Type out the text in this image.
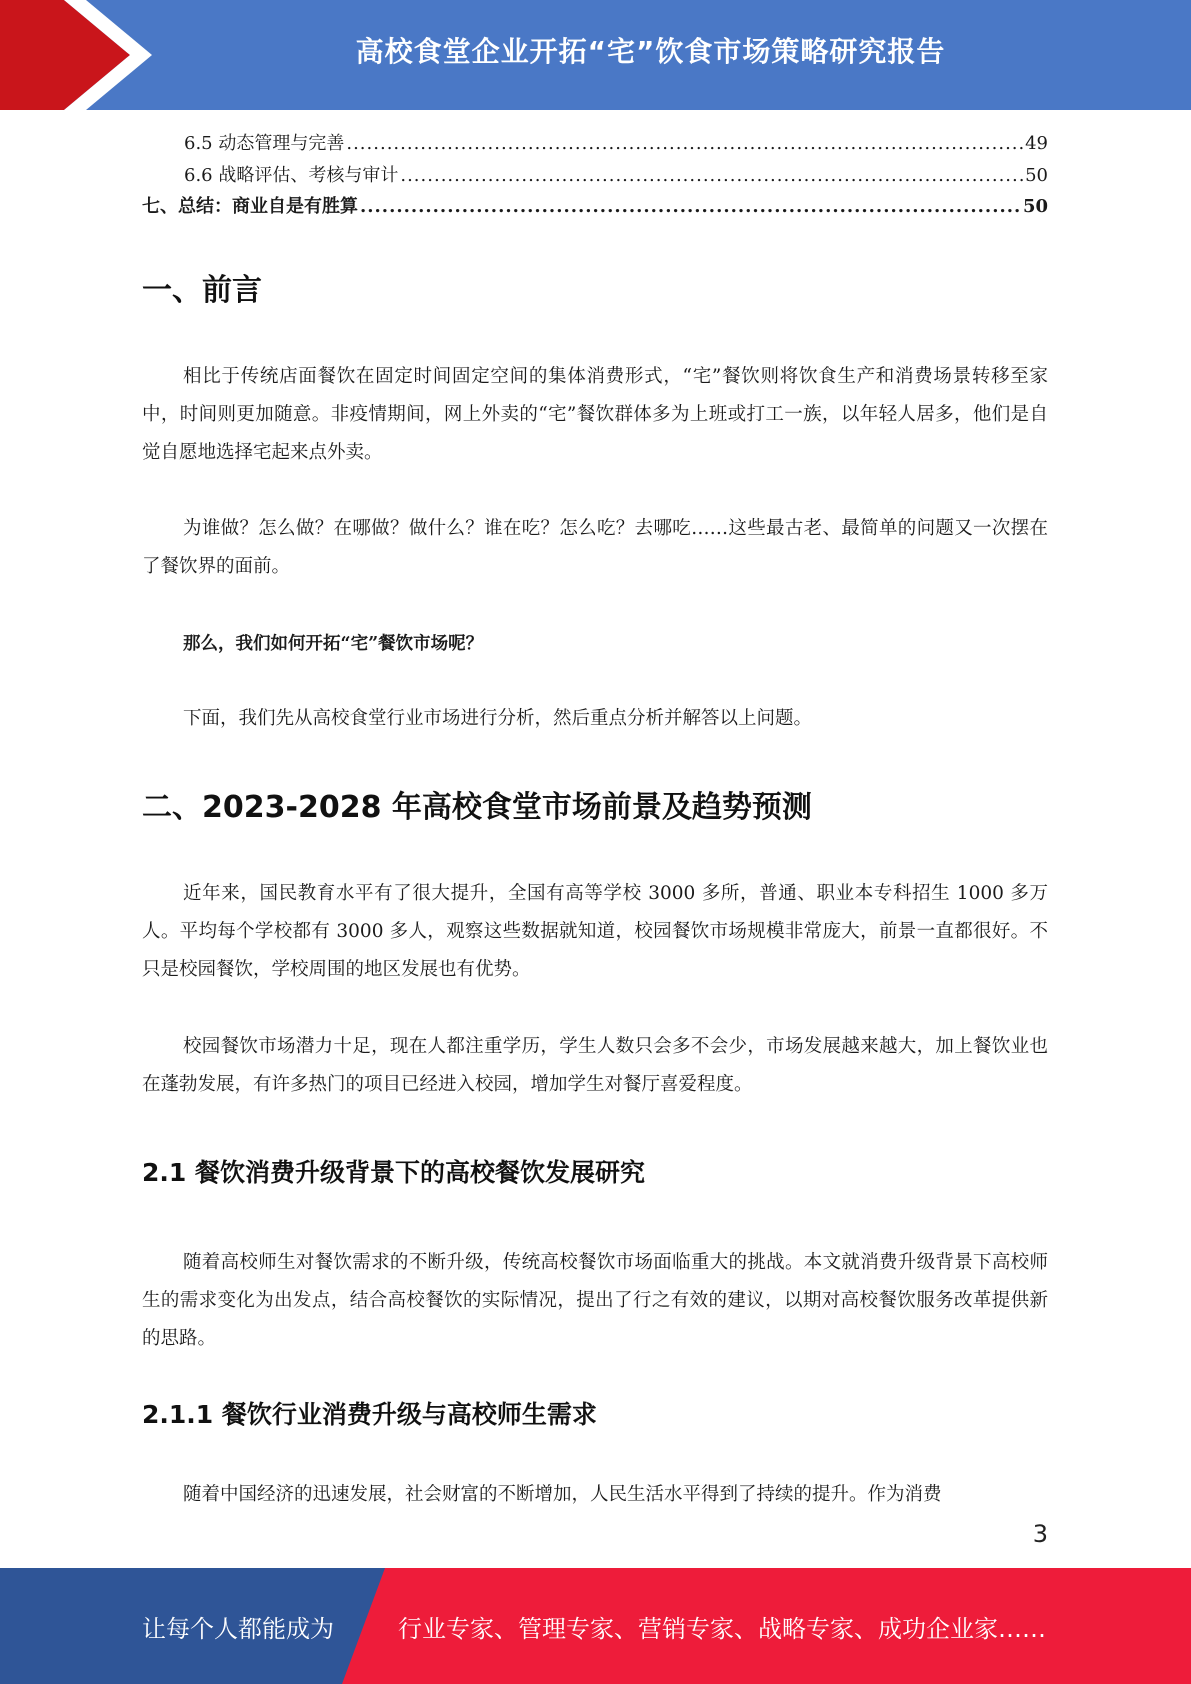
高校食堂企业开拓“宅”饮食市场策略研究报告
6.5 动态管理与完善 .....	49
6.6 战略评估、考核与审计 .....	50
七、总结：商业自是有胜算 .....	50
一、前言
相比于传统店面餐饮在固定时间固定空间的集体消费形式，“宅”餐饮则将饮食生产和消费场景转移至家中，时间则更加随意。非疫情期间，网上外卖的“宅”餐饮群体多为上班或打工一族，以年轻人居多，他们是自觉自愿地选择宅起来点外卖。
为谁做？怎么做？在哪做？做什么？谁在吃？怎么吃？去哪吃……这些最古老、最简单的问题又一次摆在了餐饮界的面前。
那么，我们如何开拓“宅”餐饮市场呢？
下面，我们先从高校食堂行业市场进行分析，然后重点分析并解答以上问题。
二、2023-2028 年高校食堂市场前景及趋势预测
近年来，国民教育水平有了很大提升，全国有高等学校 3000 多所，普通、职业本专科招生 1000 多万人。平均每个学校都有 3000 多人，观察这些数据就知道，校园餐饮市场规模非常庞大，前景一直都很好。不只是校园餐饮，学校周围的地区发展也有优势。
校园餐饮市场潜力十足，现在人都注重学历，学生人数只会多不会少，市场发展越来越大，加上餐饮业也在蓬勃发展，有许多热门的项目已经进入校园，增加学生对餐厅喜爱程度。
2.1 餐饮消费升级背景下的高校餐饮发展研究
随着高校师生对餐饮需求的不断升级，传统高校餐饮市场面临重大的挑战。本文就消费升级背景下高校师生的需求变化为出发点，结合高校餐饮的实际情况，提出了行之有效的建议，以期对高校餐饮服务改革提供新的思路。
2.1.1 餐饮行业消费升级与高校师生需求
随着中国经济的迅速发展，社会财富的不断增加，人民生活水平得到了持续的提升。作为消费
3
让每个人都能成为	行业专家、管理专家、营销专家、战略专家、成功企业家……
